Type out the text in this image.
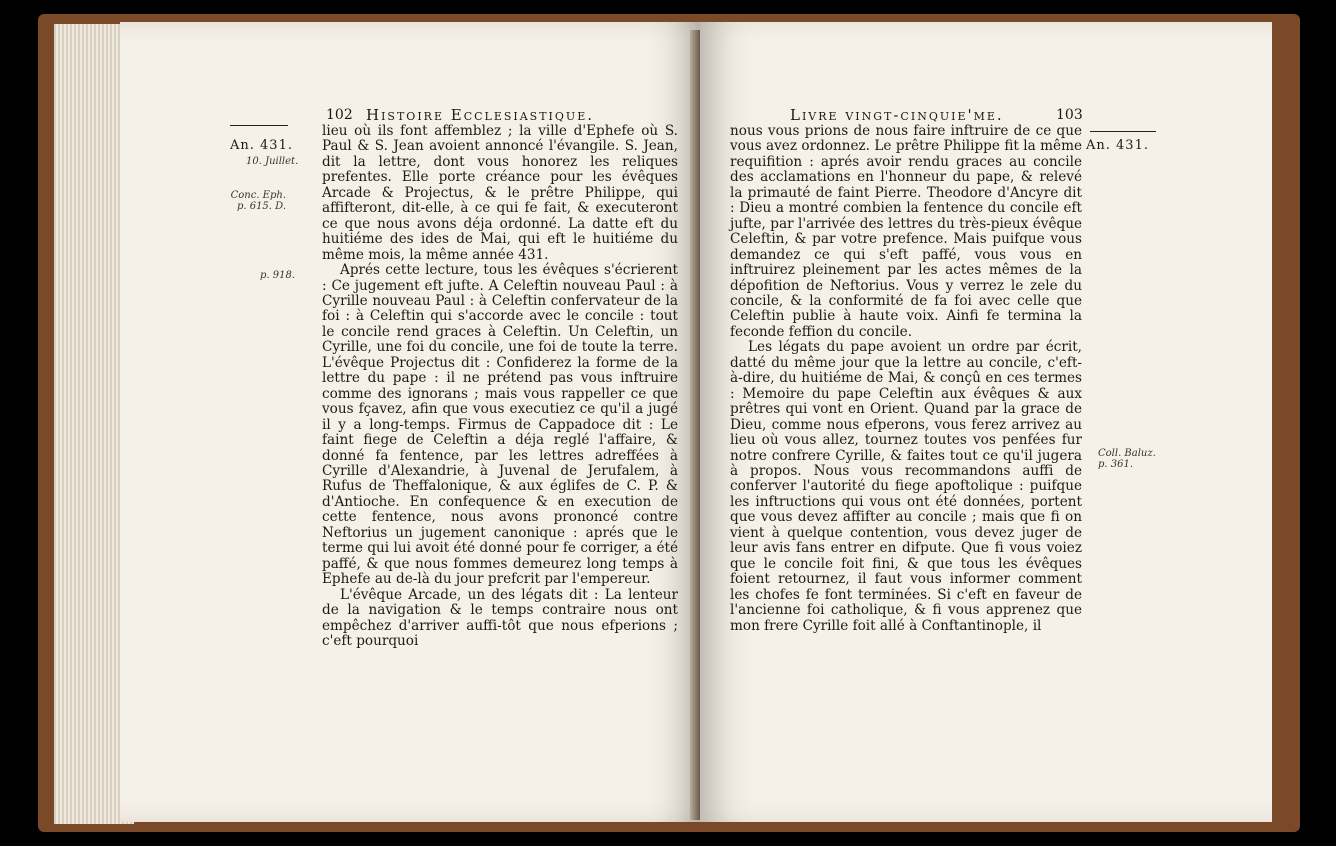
102 Histoire Ecclesiastique.
An. 431.
10. Juillet.
Conc. Eph. p. 615. D.
p. 918.

lieu où ils font affemblez ; la ville d'Ephefe où S. Paul & S. Jean avoient annoncé l'évangile. S. Jean, dit la lettre, dont vous honorez les reliques prefentes. Elle porte créance pour les évêques Arcade & Projectus, & le prêtre Philippe, qui affifteront, dit-elle, à ce qui fe fait, & executeront ce que nous avons déja ordonné. La datte eft du huitiéme des ides de Mai, qui eft le huitiéme du même mois, la même année 431.

Aprés cette lecture, tous les évêques s'écrierent : Ce jugement eft jufte. A Celeftin nouveau Paul : à Cyrille nouveau Paul : à Celeftin confervateur de la foi : à Celeftin qui s'accorde avec le concile : tout le concile rend graces à Celeftin. Un Celeftin, un Cyrille, une foi du concile, une foi de toute la terre. L'évêque Projectus dit : Confiderez la forme de la lettre du pape : il ne prétend pas vous inftruire comme des ignorans ; mais vous rappeller ce que vous fçavez, afin que vous executiez ce qu'il a jugé il y a long-temps. Firmus de Cappadoce dit : Le faint fiege de Celeftin a déja reglé l'affaire, & donné fa fentence, par les lettres adreffées à Cyrille d'Alexandrie, à Juvenal de Jerufalem, à Rufus de Theffalonique, & aux églifes de C. P. & d'Antioche. En confequence & en execution de cette fentence, nous avons prononcé contre Neftorius un jugement canonique : aprés que le terme qui lui avoit été donné pour fe corriger, a été paffé, & que nous fommes demeurez long temps à Ephefe au de-là du jour prefcrit par l'empereur.

L'évêque Arcade, un des légats dit : La lenteur de la navigation & le temps contraire nous ont empêchez d'arriver auffi-tôt que nous efperions ; c'eft pourquoi

Livre vingt-cinquie'me.	103
An. 431.
Coll. Baluz. p. 361.

nous vous prions de nous faire inftruire de ce que vous avez ordonnez. Le prêtre Philippe fit la même requifition : aprés avoir rendu graces au concile des acclamations en l'honneur du pape, & relevé la primauté de faint Pierre. Theodore d'Ancyre dit : Dieu a montré combien la fentence du concile eft jufte, par l'arrivée des lettres du très-pieux évêque Celeftin, & par votre prefence. Mais puifque vous demandez ce qui s'eft paffé, vous vous en inftruirez pleinement par les actes mêmes de la dépofition de Neftorius. Vous y verrez le zele du concile, & la conformité de fa foi avec celle que Celeftin publie à haute voix. Ainfi fe termina la feconde feffion du concile.

Les légats du pape avoient un ordre par écrit, datté du même jour que la lettre au concile, c'eft-à-dire, du huitiéme de Mai, & conçû en ces termes : Memoire du pape Celeftin aux évêques & aux prêtres qui vont en Orient. Quand par la grace de Dieu, comme nous efperons, vous ferez arrivez au lieu où vous allez, tournez toutes vos penfées fur notre confrere Cyrille, & faites tout ce qu'il jugera à propos. Nous vous recommandons auffi de conferver l'autorité du fiege apoftolique : puifque les inftructions qui vous ont été données, portent que vous devez affifter au concile ; mais que fi on vient à quelque contention, vous devez juger de leur avis fans entrer en difpute. Que fi vous voiez que le concile foit fini, & que tous les évêques foient retournez, il faut vous informer comment les chofes fe font terminées. Si c'eft en faveur de l'ancienne foi catholique, & fi vous apprenez que mon frere Cyrille foit allé à Conftantinople, il
